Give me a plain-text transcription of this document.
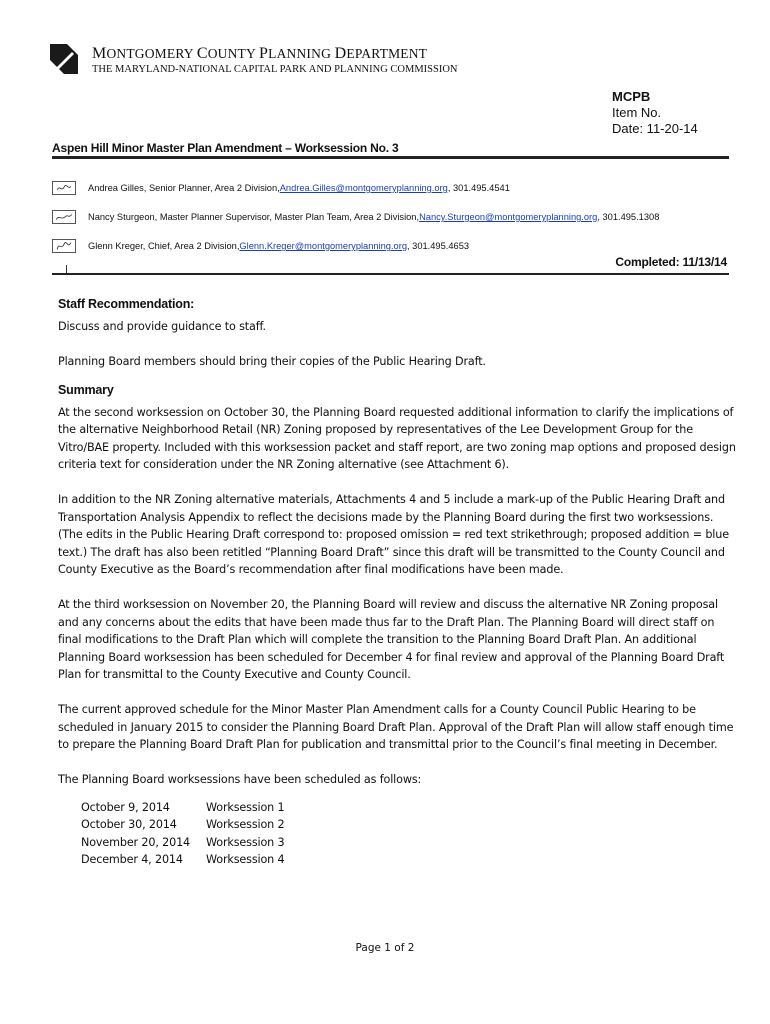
MONTGOMERY COUNTY PLANNING DEPARTMENT
THE MARYLAND-NATIONAL CAPITAL PARK AND PLANNING COMMISSION
MCPB
Item No.
Date: 11-20-14
Aspen Hill Minor Master Plan Amendment – Worksession No. 3
Andrea Gilles, Senior Planner, Area 2 Division, Andrea.Gilles@montgomeryplanning.org , 301.495.4541
Nancy Sturgeon, Master Planner Supervisor, Master Plan Team, Area 2 Division, Nancy.Sturgeon@montgomeryplanning.org , 301.495.1308
Glenn Kreger, Chief, Area 2 Division, Glenn.Kreger@montgomeryplanning.org , 301.495.4653
Completed: 11/13/14
Staff Recommendation:

Discuss and provide guidance to staff.

Planning Board members should bring their copies of the Public Hearing Draft.

Summary

At the second worksession on October 30, the Planning Board requested additional information to clarify the implications of the alternative Neighborhood Retail (NR) Zoning proposed by representatives of the Lee Development Group for the Vitro/BAE property. Included with this worksession packet and staff report, are two zoning map options and proposed design criteria text for consideration under the NR Zoning alternative (see Attachment 6).

In addition to the NR Zoning alternative materials, Attachments 4 and 5 include a mark-up of the Public Hearing Draft and Transportation Analysis Appendix to reflect the decisions made by the Planning Board during the first two worksessions. (The edits in the Public Hearing Draft correspond to: proposed omission = red text strikethrough; proposed addition = blue text.) The draft has also been retitled “Planning Board Draft” since this draft will be transmitted to the County Council and County Executive as the Board’s recommendation after final modifications have been made.

At the third worksession on November 20, the Planning Board will review and discuss the alternative NR Zoning proposal and any concerns about the edits that have been made thus far to the Draft Plan. The Planning Board will direct staff on final modifications to the Draft Plan which will complete the transition to the Planning Board Draft Plan. An additional Planning Board worksession has been scheduled for December 4 for final review and approval of the Planning Board Draft Plan for transmittal to the County Executive and County Council.

The current approved schedule for the Minor Master Plan Amendment calls for a County Council Public Hearing to be scheduled in January 2015 to consider the Planning Board Draft Plan. Approval of the Draft Plan will allow staff enough time to prepare the Planning Board Draft Plan for publication and transmittal prior to the Council’s final meeting in December.

The Planning Board worksessions have been scheduled as follows:

October 9, 2014	Worksession 1
October 30, 2014	Worksession 2
November 20, 2014	Worksession 3
December 4, 2014	Worksession 4
Page 1 of 2
